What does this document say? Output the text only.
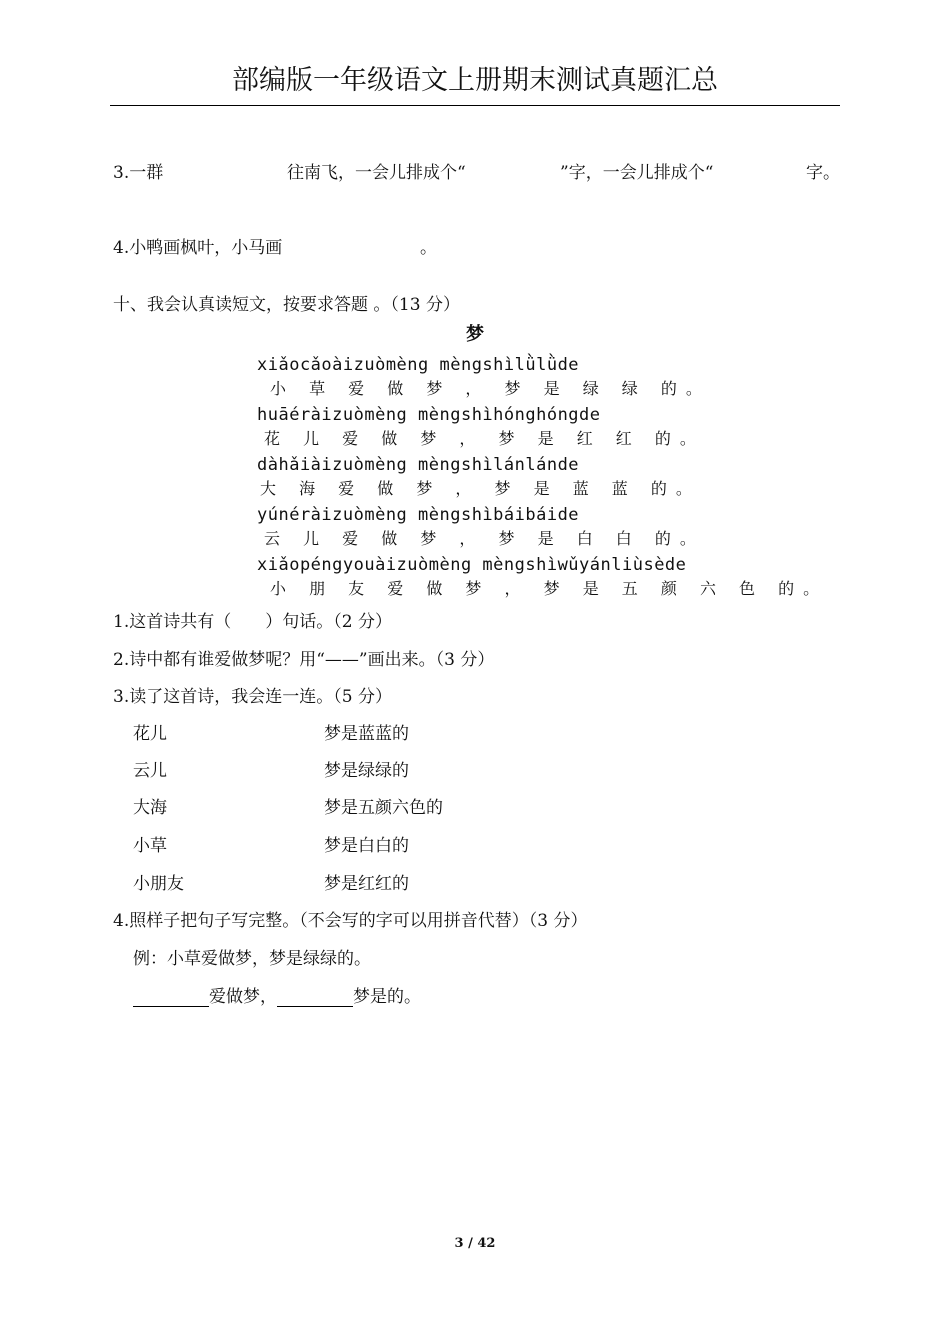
部编版一年级语文上册期末测试真题汇总
3.一群	往南飞，一会儿排成个“	”字，一会儿排成个“	字。
4.小鸭画枫叶，小马画	。
十、我会认真读短文，按要求答题 。（13 分）
梦
xiǎocǎoàizuòmèng mèngshìlǜlǜde
小 草 爱 做 梦 ， 梦 是 绿 绿 的。
huāéràizuòmèng mèngshìhónghóngde
花 儿 爱 做 梦 ， 梦 是 红 红 的。
dàhǎiàizuòmèng mèngshìlánlánde
大 海 爱 做 梦 ， 梦 是 蓝 蓝 的。
yúnéràizuòmèng mèngshìbáibáide
云 儿 爱 做 梦 ， 梦 是 白 白 的。
xiǎopéngyouàizuòmèng mèngshìwǔyánliùsède
小 朋 友 爱 做 梦 ， 梦 是 五 颜 六 色 的。
1.这首诗共有（　　）句话。（2 分）
2.诗中都有谁爱做梦呢？用“——”画出来。（3 分）
3.读了这首诗，我会连一连。（5 分）
花儿	梦是蓝蓝的
云儿	梦是绿绿的
大海	梦是五颜六色的
小草	梦是白白的
小朋友	梦是红红的
4.照样子把句子写完整。（不会写的字可以用拼音代替）（3 分）
例：小草爱做梦，梦是绿绿的。
爱做梦，	梦是的。
3 / 42
